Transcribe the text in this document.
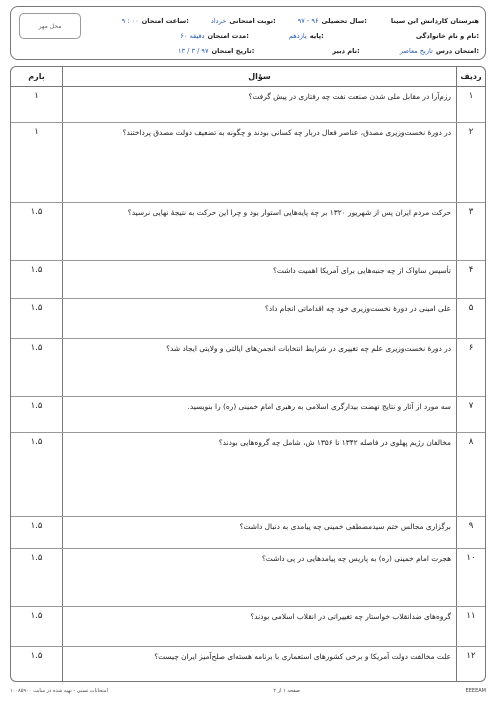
محل مهر
هنرستان کاردانش ابن سینا
سال تحصیلی:
۹۷ - ۹۶
نوبت امتحانی:
خرداد
ساعت امتحان:
۹ : ۰۰
نام و نام خانوادگی:
پایه:
یازدهم
مدت امتحان:
۶۰ دقیقه
امتحان درس:
تاریخ معاصر
نام دبیر:
تاریخ امتحان:
۱۳ / ۳ / ۹۷
ردیف
سؤال
بارم
۱
رزم‌آرا در مقابل ملی شدن صنعت نفت چه رفتاری در پیش گرفت؟
۱
۲
در دورهٔ نخست‌وزیری مصدق، عناصر فعال دربار چه کسانی بودند و چگونه به تضعیف دولت مصدق پرداختند؟
۱
۳
حرکت مردم ایران پس از شهریور ۱۳۲۰ بر چه پایه‌هایی استوار بود و چرا این حرکت به نتیجهٔ نهایی نرسید؟
۱.۵
۴
تأسیس ساواک از چه جنبه‌هایی برای آمریکا اهمیت داشت؟
۱.۵
۵
علی امینی در دورهٔ نخست‌وزیری خود چه اقداماتی انجام داد؟
۱.۵
۶
در دورهٔ نخست‌وزیری علم چه تغییری در شرایط انتخابات انجمن‌های ایالتی و ولایتی ایجاد شد؟
۱.۵
۷
سه مورد از آثار و نتایج نهضت بیدارگری اسلامی به رهبری امام خمینی (ره) را بنویسید.
۱.۵
۸
مخالفان رژیم پهلوی در فاصله ۱۳۴۲ تا ۱۳۵۶ ش، شامل چه گروه‌هایی بودند؟
۱.۵
۹
برگزاری مجالس ختم سیدمصطفی خمینی چه پیامدی به دنبال داشت؟
۱.۵
۱۰
هجرت امام خمینی (ره) به پاریس چه پیامدهایی در پی داشت؟
۱.۵
۱۱
گروه‌های ضدانقلاب خواستار چه تغییراتی در انقلاب اسلامی بودند؟
۱.۵
۱۲
علت مخالفت دولت آمریکا و برخی کشورهای استعماری با برنامه هسته‌ای صلح‌آمیز ایران چیست؟
۱.۵
EEEEAM
صفحه ۱ از ۲
امتحانات تستی - تهیه شده در سایت ۱۰۰۸۵۹۰۰
